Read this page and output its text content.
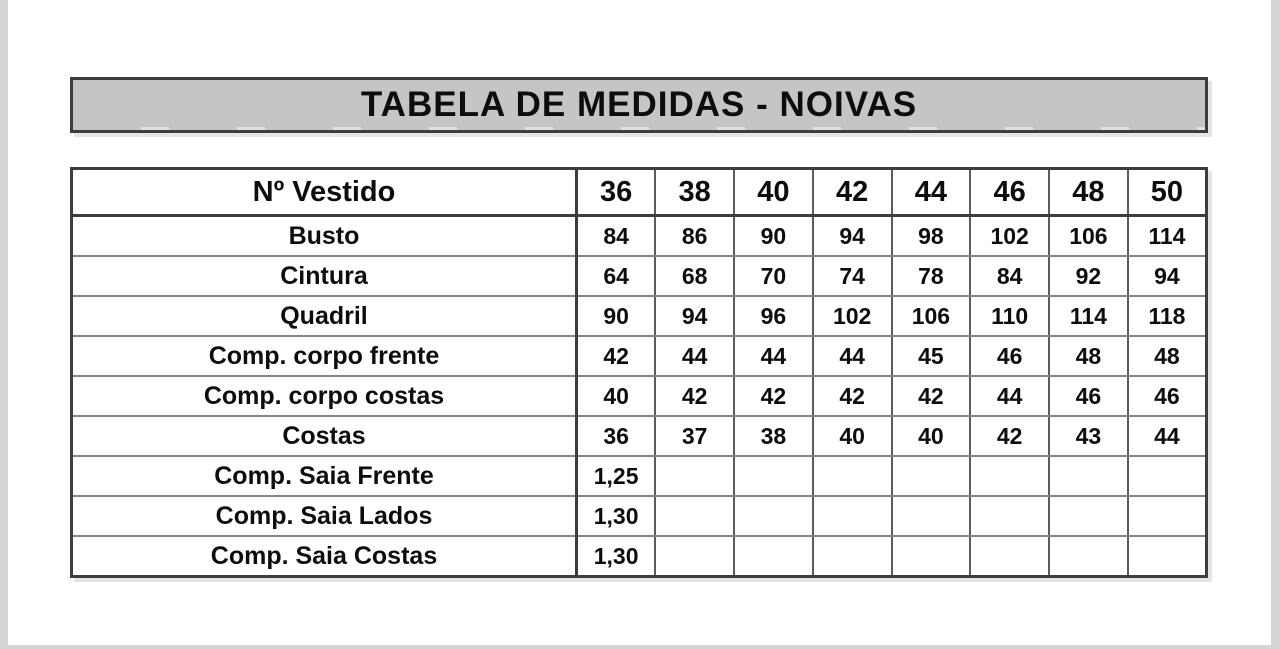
TABELA DE MEDIDAS - NOIVAS
Nº Vestido	36	38	40	42	44	46	48	50
Busto	84	86	90	94	98	102	106	114
Cintura	64	68	70	74	78	84	92	94
Quadril	90	94	96	102	106	110	114	118
Comp. corpo frente	42	44	44	44	45	46	48	48
Comp. corpo costas	40	42	42	42	42	44	46	46
Costas	36	37	38	40	40	42	43	44
Comp. Saia Frente	1,25							
Comp. Saia Lados	1,30							
Comp. Saia Costas	1,30							
